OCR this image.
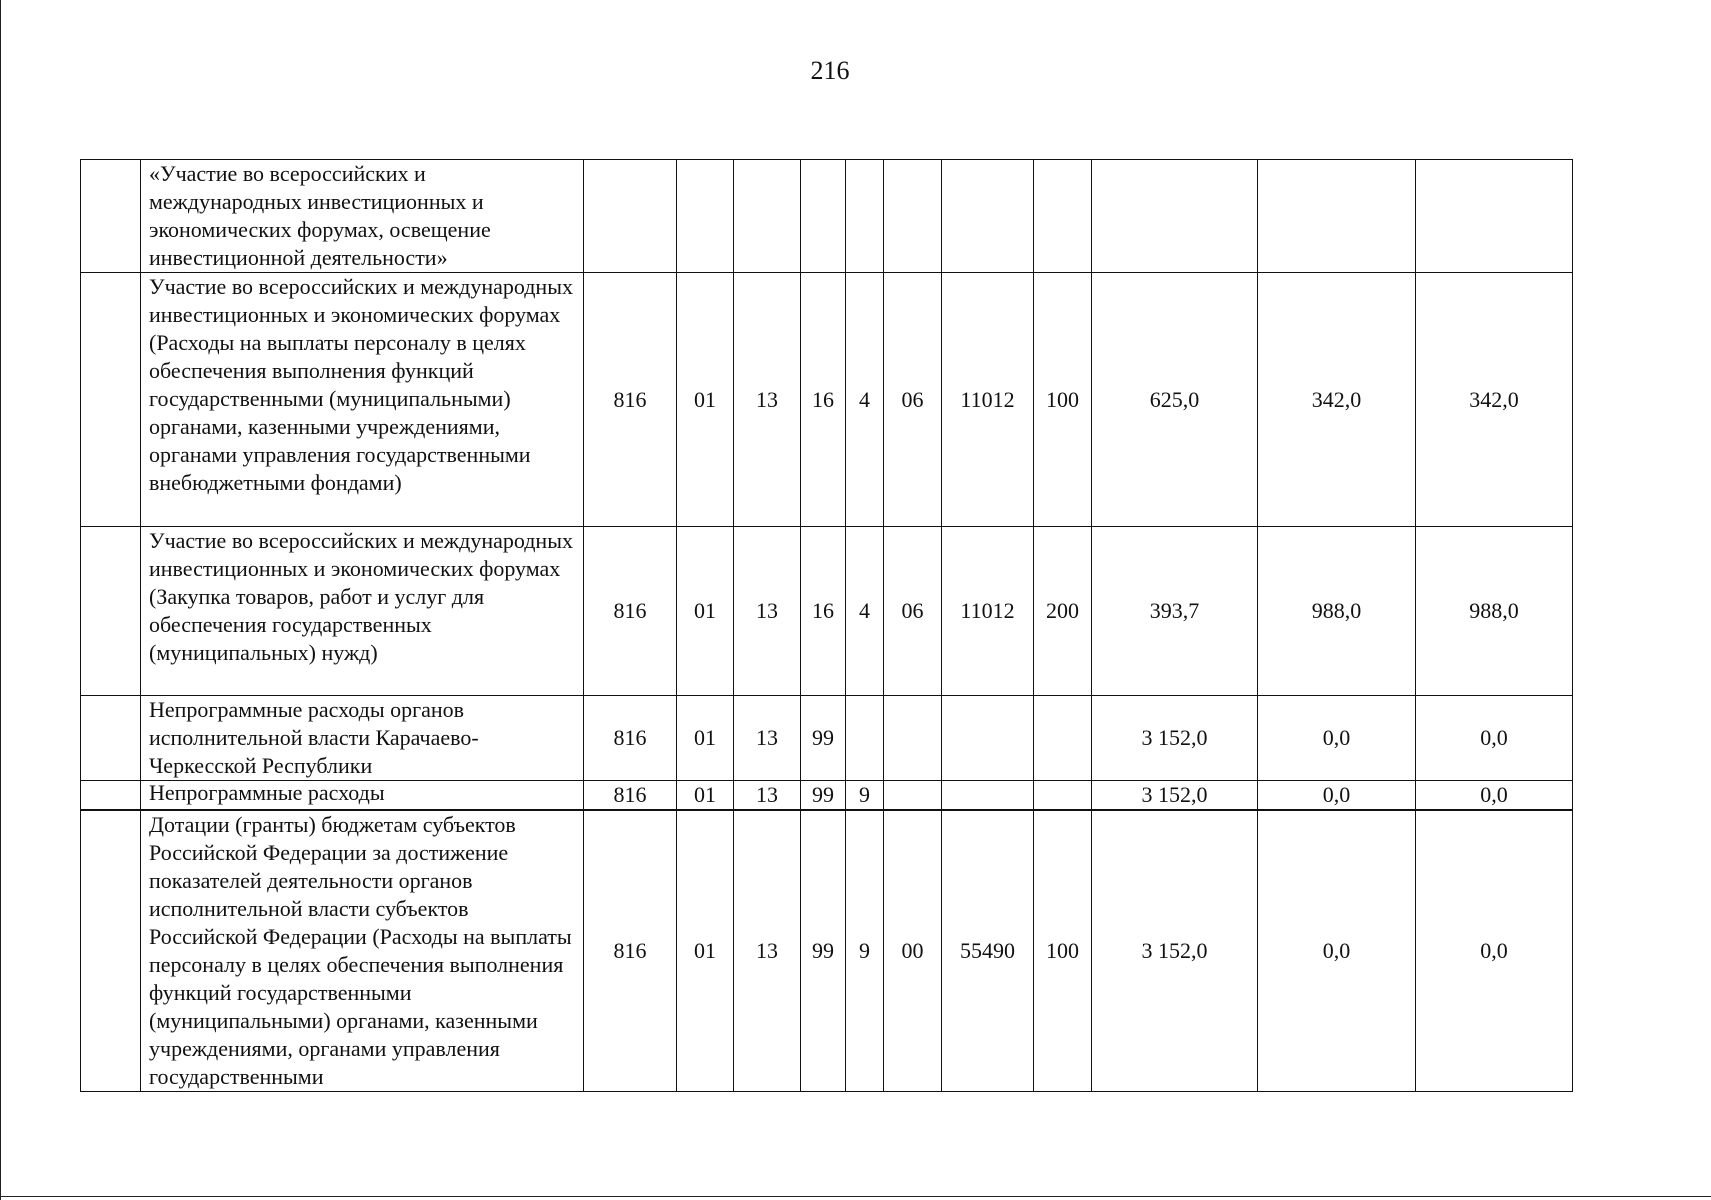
216
	«Участие во всероссийских и международных инвестиционных и экономических форумах, освещение инвестиционной деятельности»											
	Участие во всероссийских и международных инвестиционных и экономических форумах (Расходы на выплаты персоналу в целях обеспечения выполнения функций государственными (муниципальными) органами, казенными учреждениями, органами управления государственными внебюджетными фондами)	816	01	13	16	4	06	11012	100	625,0	342,0	342,0
	Участие во всероссийских и международных инвестиционных и экономических форумах (Закупка товаров, работ и услуг для обеспечения государственных (муниципальных) нужд)	816	01	13	16	4	06	11012	200	393,7	988,0	988,0
	Непрограммные расходы органов исполнительной власти Карачаево-Черкесской Республики	816	01	13	99					3 152,0	0,0	0,0
	Непрограммные расходы	816	01	13	99	9				3 152,0	0,0	0,0
	Дотации (гранты) бюджетам субъектов Российской Федерации за достижение показателей деятельности органов исполнительной власти субъектов Российской Федерации (Расходы на выплаты персоналу в целях обеспечения выполнения функций государственными (муниципальными) органами, казенными учреждениями, органами управления государственными	816	01	13	99	9	00	55490	100	3 152,0	0,0	0,0
